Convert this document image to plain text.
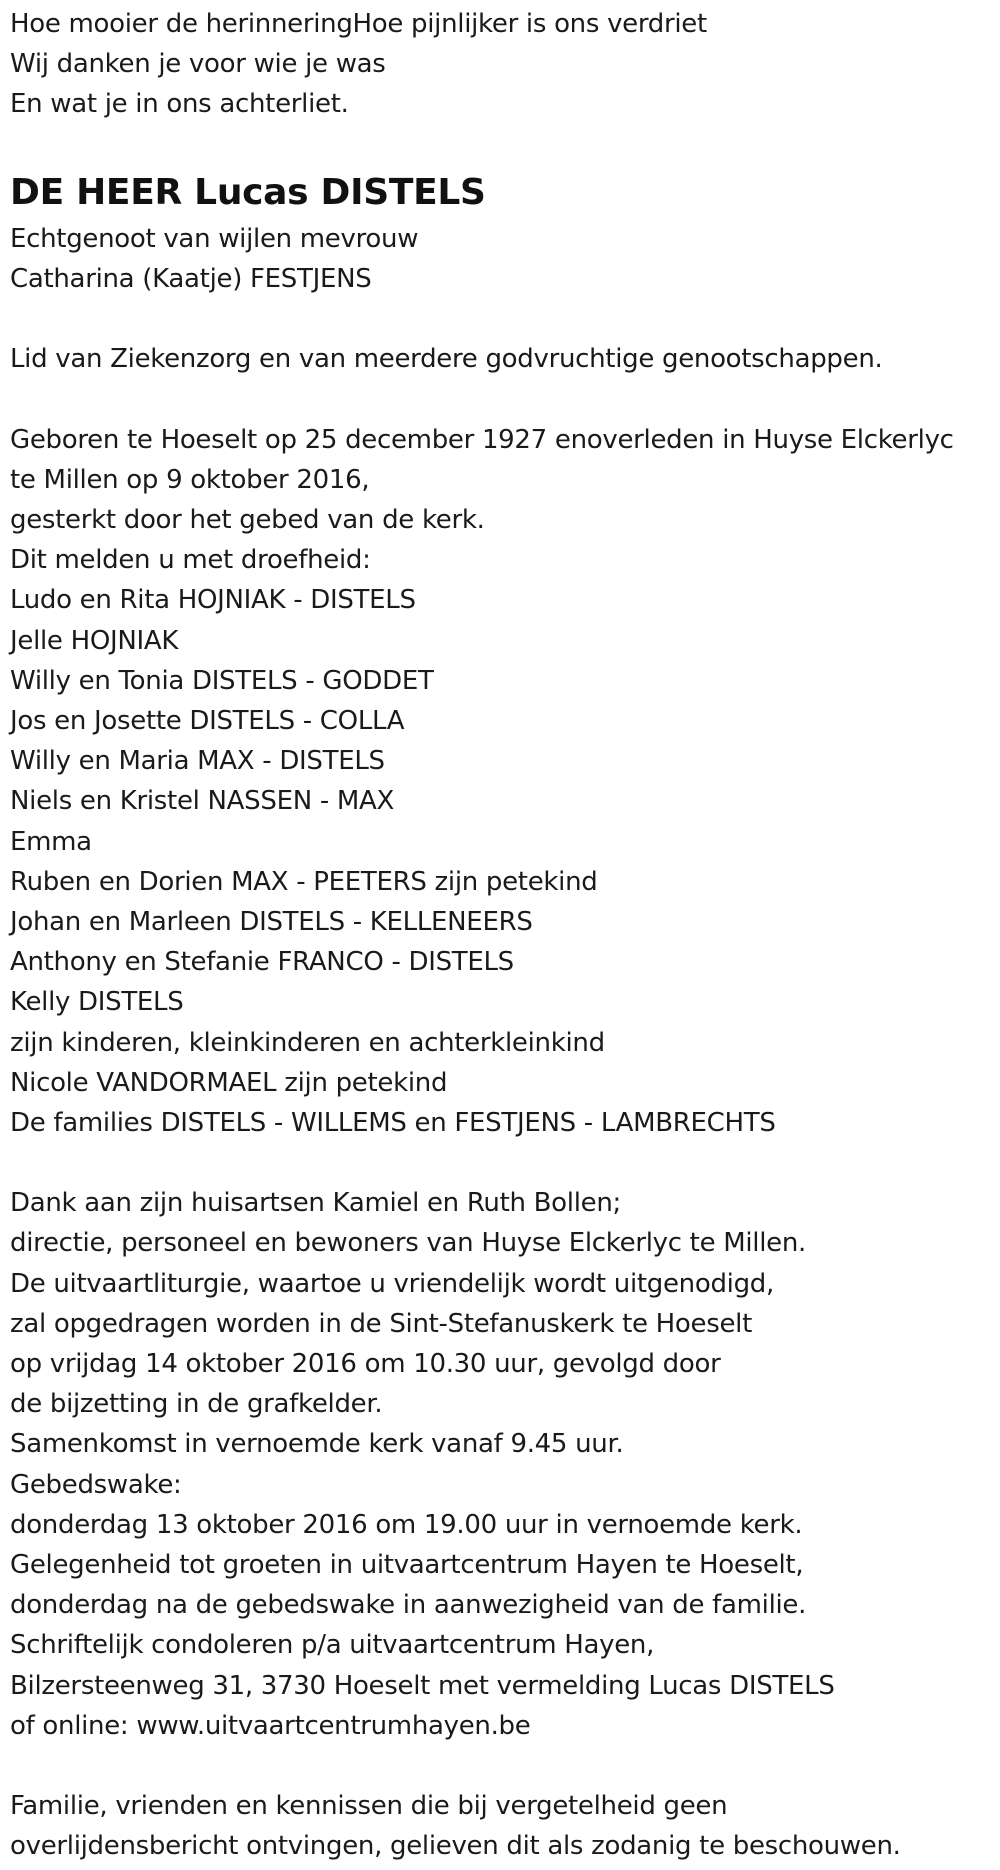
Hoe mooier de herinneringHoe pijnlijker is ons verdriet
Wij danken je voor wie je was
En wat je in ons achterliet.
DE HEER Lucas DISTELS
Echtgenoot van wijlen mevrouw
Catharina (Kaatje) FESTJENS
Lid van Ziekenzorg en van meerdere godvruchtige genootschappen.
Geboren te Hoeselt op 25 december 1927 enoverleden in Huyse Elckerlyc
te Millen op 9 oktober 2016,
gesterkt door het gebed van de kerk.
Dit melden u met droefheid:
Ludo en Rita HOJNIAK - DISTELS
Jelle HOJNIAK
Willy en Tonia DISTELS - GODDET
Jos en Josette DISTELS - COLLA
Willy en Maria MAX - DISTELS
Niels en Kristel NASSEN - MAX
Emma
Ruben en Dorien MAX - PEETERS zijn petekind
Johan en Marleen DISTELS - KELLENEERS
Anthony en Stefanie FRANCO - DISTELS
Kelly DISTELS
zijn kinderen, kleinkinderen en achterkleinkind
Nicole VANDORMAEL zijn petekind
De families DISTELS - WILLEMS en FESTJENS - LAMBRECHTS
Dank aan zijn huisartsen Kamiel en Ruth Bollen;
directie, personeel en bewoners van Huyse Elckerlyc te Millen.
De uitvaartliturgie, waartoe u vriendelijk wordt uitgenodigd,
zal opgedragen worden in de Sint-Stefanuskerk te Hoeselt
op vrijdag 14 oktober 2016 om 10.30 uur, gevolgd door
de bijzetting in de grafkelder.
Samenkomst in vernoemde kerk vanaf 9.45 uur.
Gebedswake:
donderdag 13 oktober 2016 om 19.00 uur in vernoemde kerk.
Gelegenheid tot groeten in uitvaartcentrum Hayen te Hoeselt,
donderdag na de gebedswake in aanwezigheid van de familie.
Schriftelijk condoleren p/a uitvaartcentrum Hayen,
Bilzersteenweg 31, 3730 Hoeselt met vermelding Lucas DISTELS
of online: www.uitvaartcentrumhayen.be
Familie, vrienden en kennissen die bij vergetelheid geen
overlijdensbericht ontvingen, gelieven dit als zodanig te beschouwen.
